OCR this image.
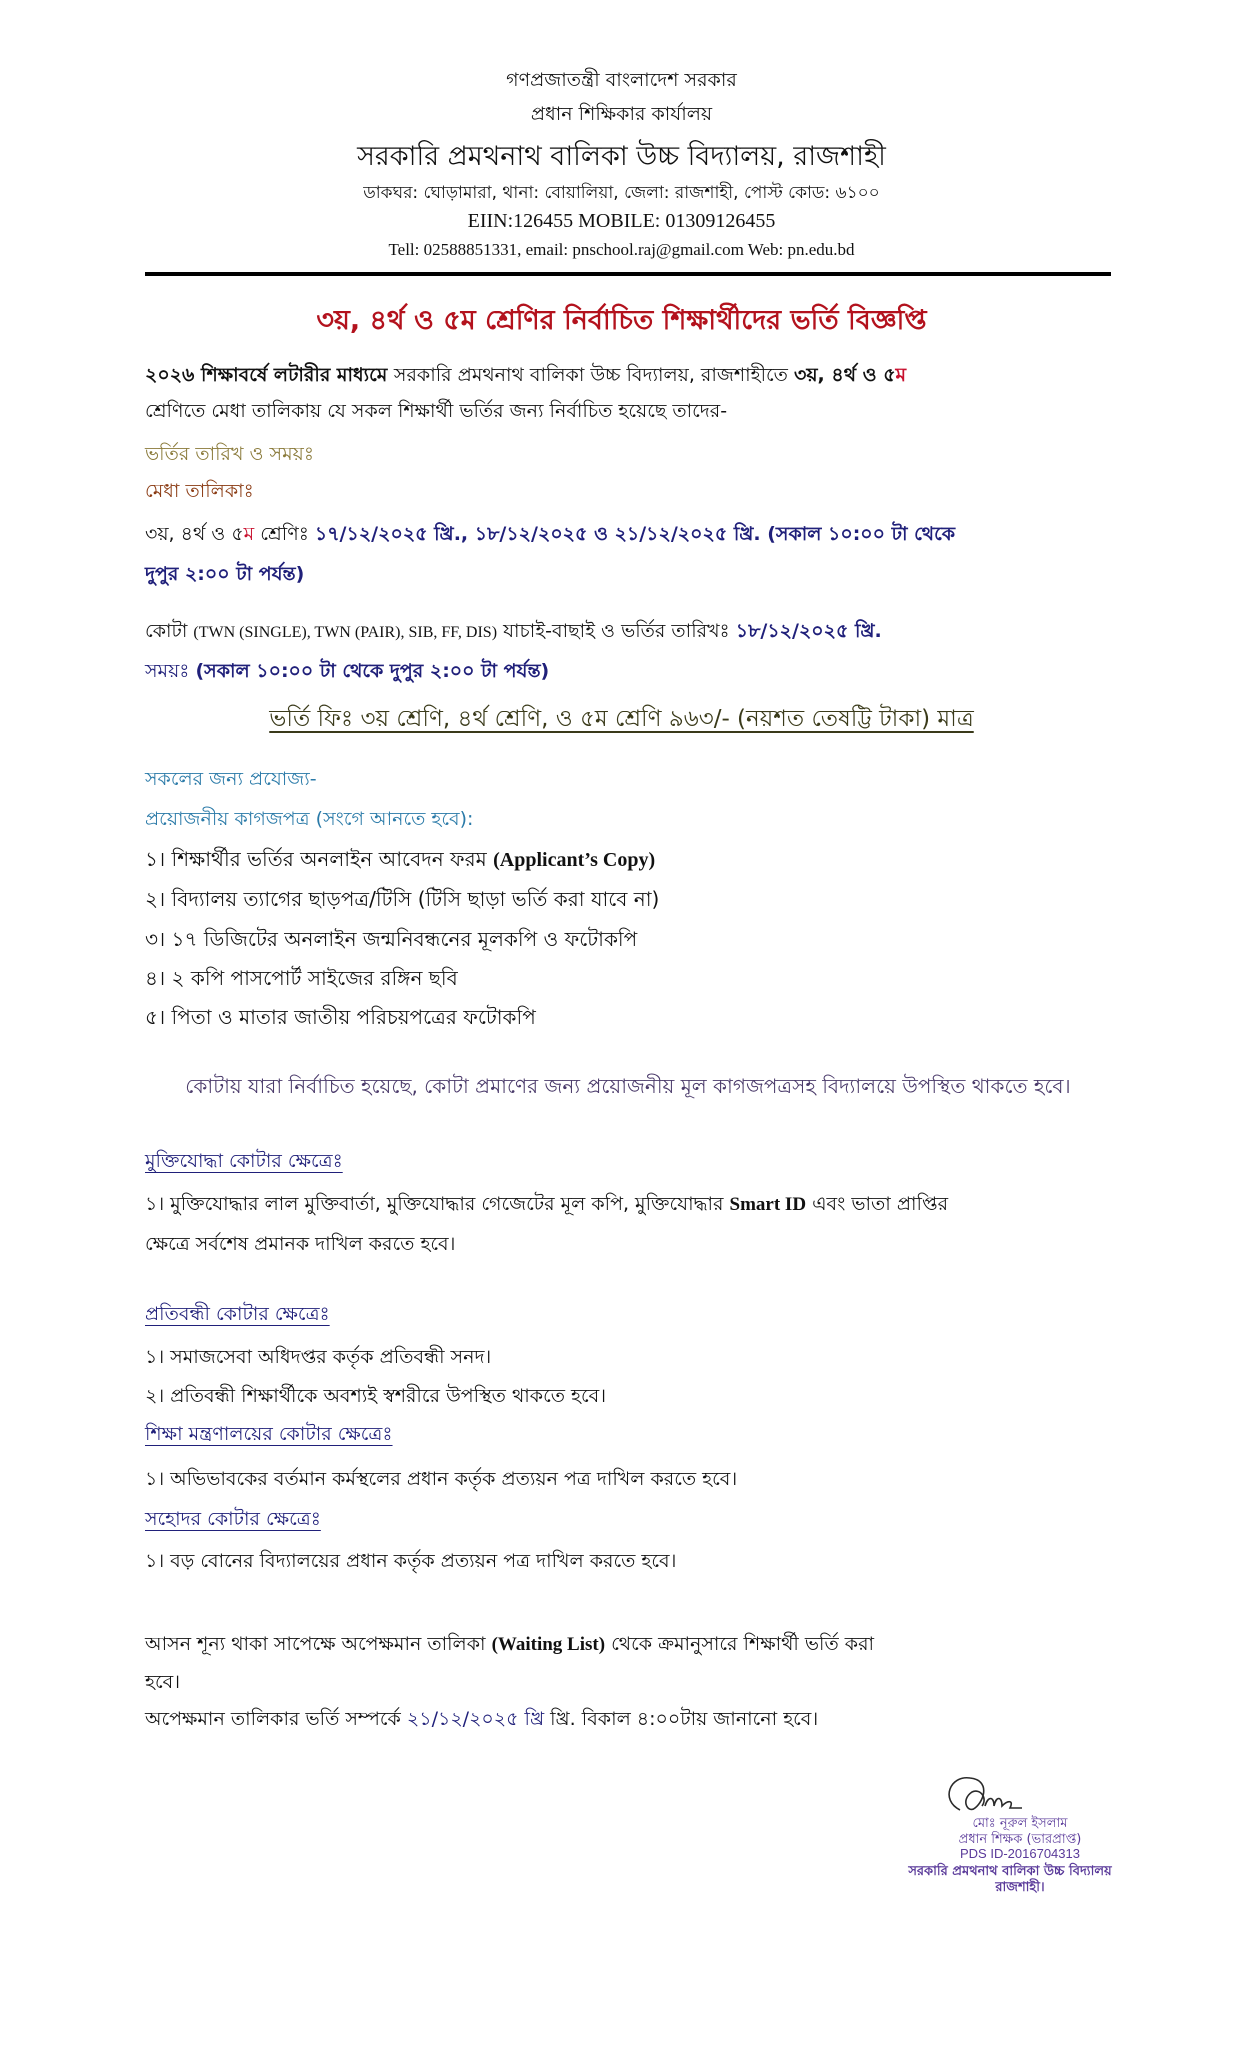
গণপ্রজাতন্ত্রী বাংলাদেশ সরকার
প্রধান শিক্ষিকার কার্যালয়
সরকারি প্রমথনাথ বালিকা উচ্চ বিদ্যালয়, রাজশাহী
ডাকঘর: ঘোড়ামারা, থানা: বোয়ালিয়া, জেলা: রাজশাহী, পোস্ট কোড: ৬১০০
EIIN:126455 MOBILE: 01309126455
Tell: 02588851331, email: pnschool.raj@gmail.com Web: pn.edu.bd
৩য়, ৪র্থ ও ৫ম শ্রেণির নির্বাচিত শিক্ষার্থীদের ভর্তি বিজ্ঞপ্তি
২০২৬ শিক্ষাবর্ষে লটারীর মাধ্যমে সরকারি প্রমথনাথ বালিকা উচ্চ বিদ্যালয়, রাজশাহীতে ৩য়, ৪র্থ ও ৫ম
শ্রেণিতে মেধা তালিকায় যে সকল শিক্ষার্থী ভর্তির জন্য নির্বাচিত হয়েছে তাদের-
ভর্তির তারিখ ও সময়ঃ
মেধা তালিকাঃ
৩য়, ৪র্থ ও ৫ম শ্রেণিঃ ১৭/১২/২০২৫ খ্রি., ১৮/১২/২০২৫ ও ২১/১২/২০২৫ খ্রি. (সকাল ১০:০০ টা থেকে
দুপুর ২:০০ টা পর্যন্ত)
কোটা (TWN (SINGLE), TWN (PAIR), SIB, FF, DIS) যাচাই-বাছাই ও ভর্তির তারিখঃ ১৮/১২/২০২৫ খ্রি.
সময়ঃ (সকাল ১০:০০ টা থেকে দুপুর ২:০০ টা পর্যন্ত)
ভর্তি ফিঃ ৩য় শ্রেণি, ৪র্থ শ্রেণি, ও ৫ম শ্রেণি ৯৬৩/- (নয়শত তেষট্টি টাকা) মাত্র
সকলের জন্য প্রযোজ্য-
প্রয়োজনীয় কাগজপত্র (সংগে আনতে হবে):
১। শিক্ষার্থীর ভর্তির অনলাইন আবেদন ফরম (Applicant’s Copy)
২। বিদ্যালয় ত্যাগের ছাড়পত্র/টিসি (টিসি ছাড়া ভর্তি করা যাবে না)
৩। ১৭ ডিজিটের অনলাইন জন্মনিবন্ধনের মূলকপি ও ফটোকপি
৪। ২ কপি পাসপোর্ট সাইজের রঙ্গিন ছবি
৫। পিতা ও মাতার জাতীয় পরিচয়পত্রের ফটোকপি
কোটায় যারা নির্বাচিত হয়েছে, কোটা প্রমাণের জন্য প্রয়োজনীয় মূল কাগজপত্রসহ বিদ্যালয়ে উপস্থিত থাকতে হবে।
মুক্তিযোদ্ধা কোটার ক্ষেত্রেঃ
১। মুক্তিযোদ্ধার লাল মুক্তিবার্তা, মুক্তিযোদ্ধার গেজেটের মূল কপি, মুক্তিযোদ্ধার Smart ID এবং ভাতা প্রাপ্তির
ক্ষেত্রে সর্বশেষ প্রমানক দাখিল করতে হবে।
প্রতিবন্ধী কোটার ক্ষেত্রেঃ
১। সমাজসেবা অধিদপ্তর কর্তৃক প্রতিবন্ধী সনদ।
২। প্রতিবন্ধী শিক্ষার্থীকে অবশ্যই স্বশরীরে উপস্থিত থাকতে হবে।
শিক্ষা মন্ত্রণালয়ের কোটার ক্ষেত্রেঃ
১। অভিভাবকের বর্তমান কর্মস্থলের প্রধান কর্তৃক প্রত্যয়ন পত্র দাখিল করতে হবে।
সহোদর কোটার ক্ষেত্রেঃ
১। বড় বোনের বিদ্যালয়ের প্রধান কর্তৃক প্রত্যয়ন পত্র দাখিল করতে হবে।
আসন শূন্য থাকা সাপেক্ষে অপেক্ষমান তালিকা (Waiting List) থেকে ক্রমানুসারে শিক্ষার্থী ভর্তি করা
হবে।
অপেক্ষমান তালিকার ভর্তি সম্পর্কে ২১/১২/২০২৫ খ্রি খ্রি. বিকাল ৪:০০টায় জানানো হবে।
মোঃ নূরুল ইসলাম
প্রধান শিক্ষক (ভারপ্রাপ্ত)
PDS ID-2016704313
সরকারি প্রমথনাথ বালিকা উচ্চ বিদ্যালয়
রাজশাহী।
